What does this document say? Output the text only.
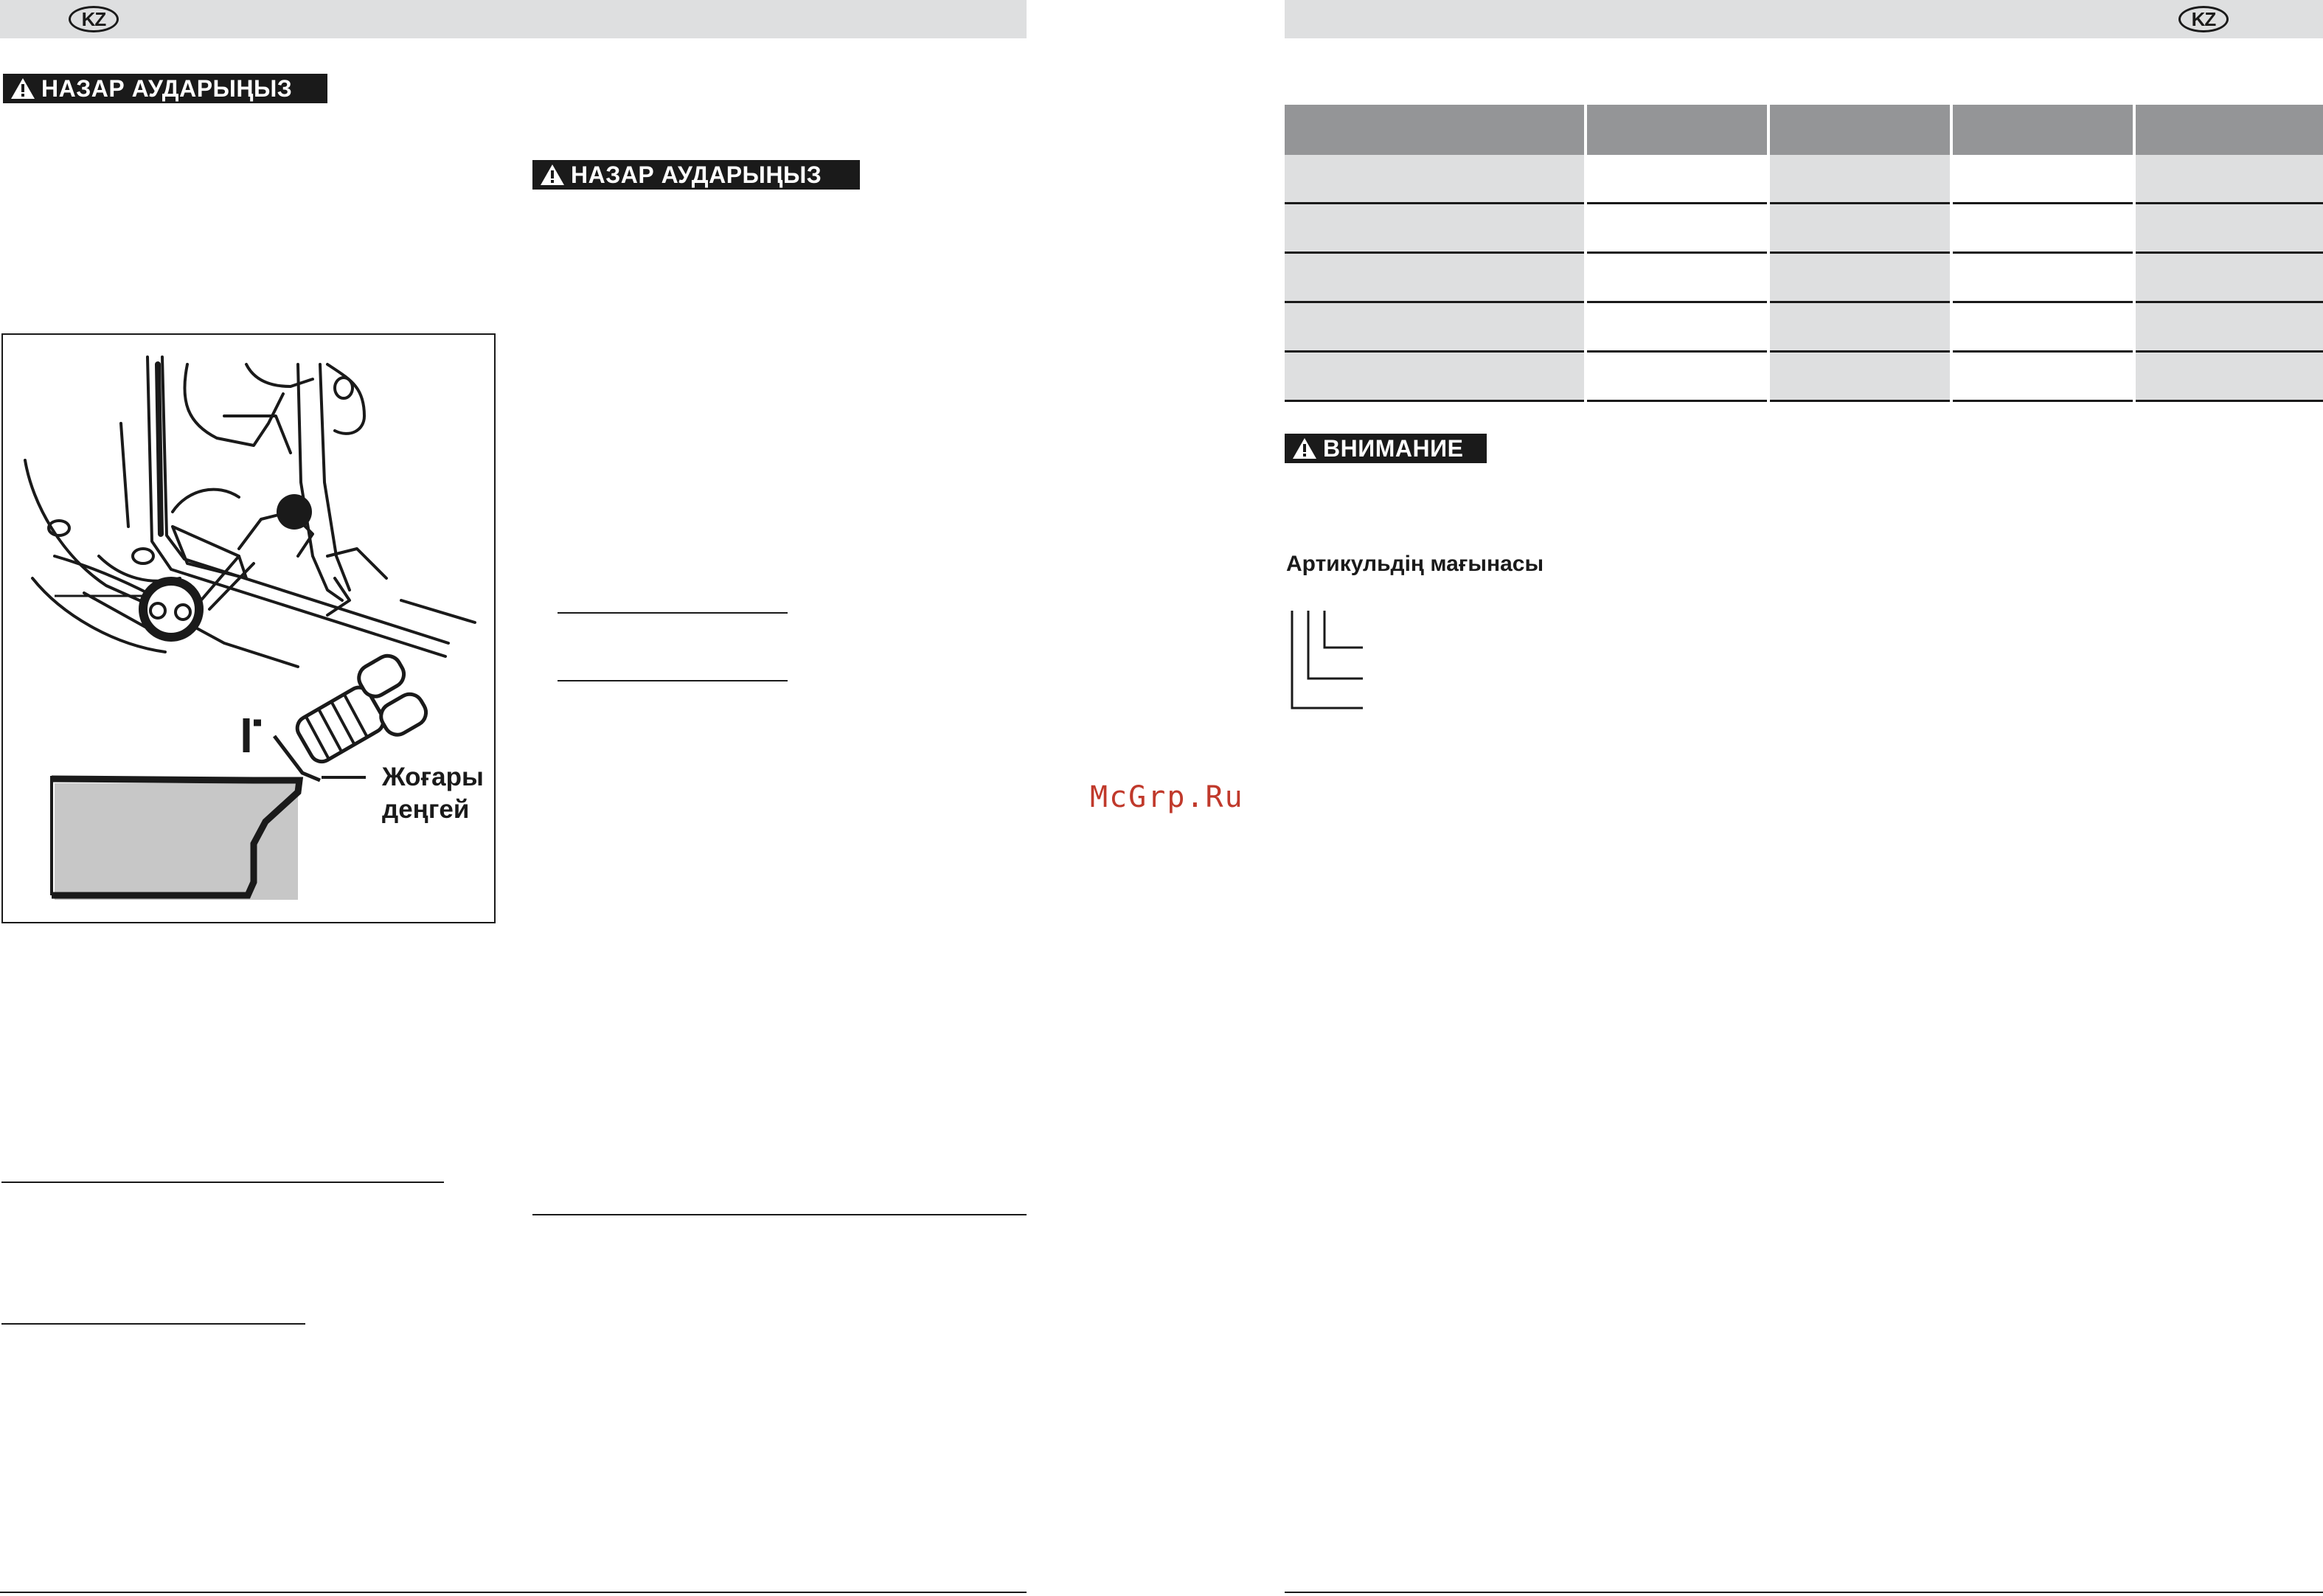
KZ
НАЗАР АУДАРЫҢЫЗ
НАЗАР АУДАРЫҢЫЗ
Жоғары
деңгей	McGrp.Ru
KZ

ВНИМАНИЕ
Артикульдің мағынасы
